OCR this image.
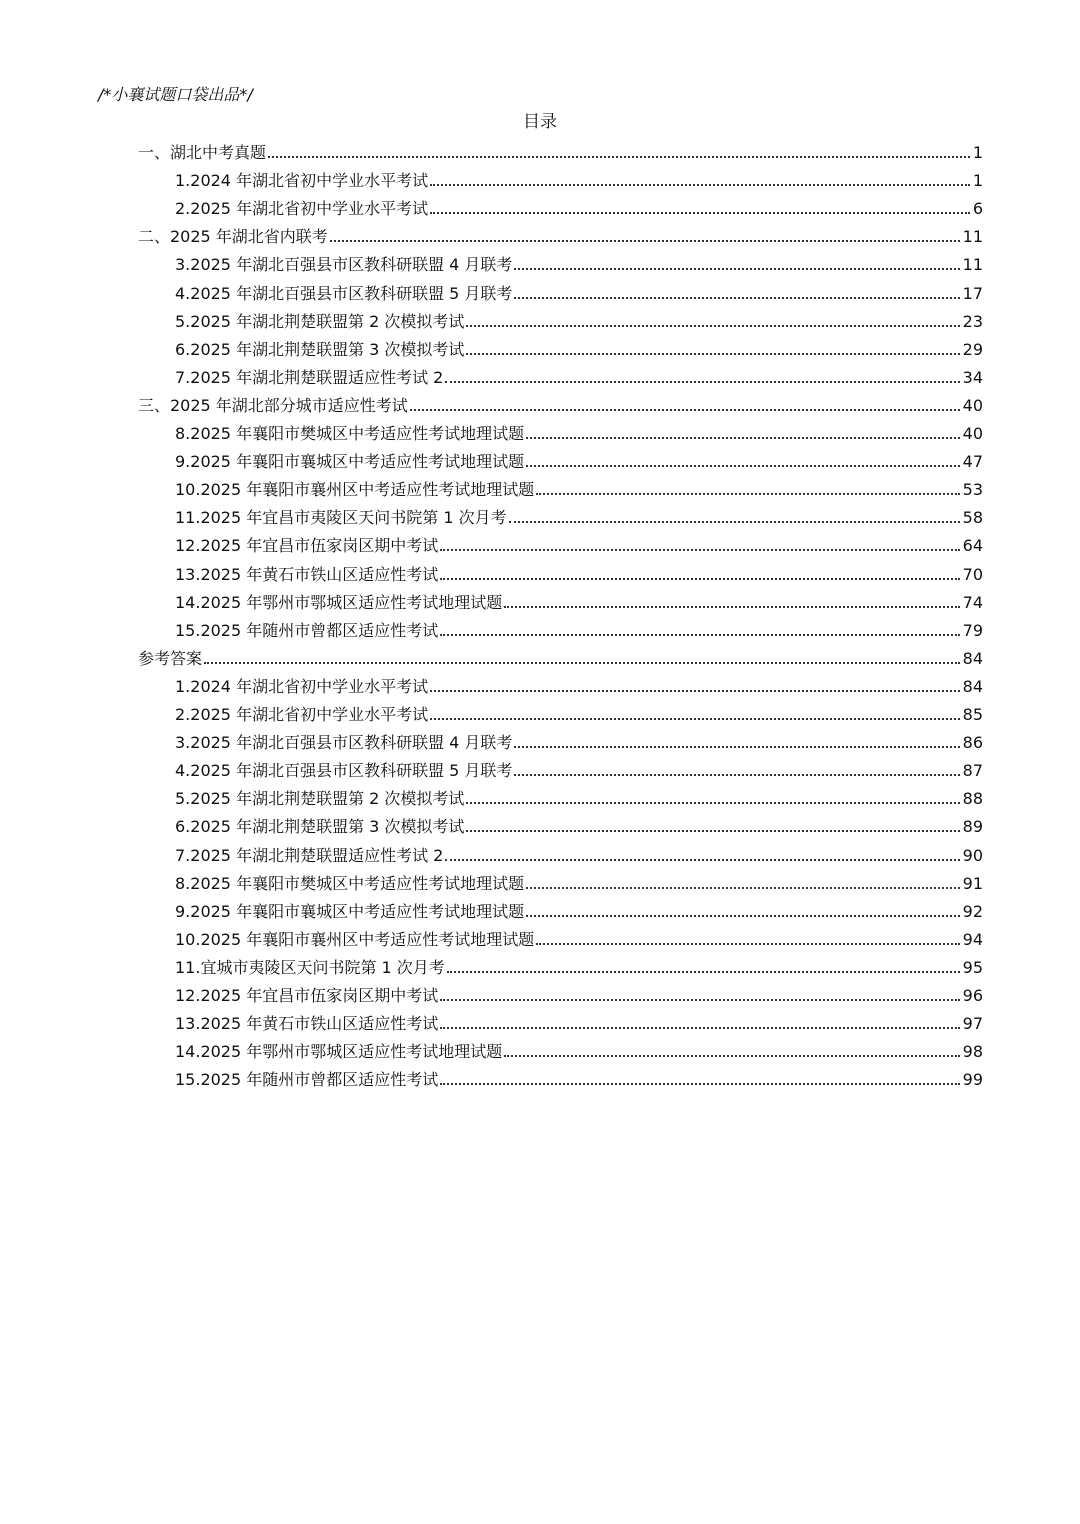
/*小襄试题口袋出品*/
目录
一、湖北中考真题	1
1.2024 年湖北省初中学业水平考试	1
2.2025 年湖北省初中学业水平考试	6
二、2025 年湖北省内联考	11
3.2025 年湖北百强县市区教科研联盟 4 月联考	11
4.2025 年湖北百强县市区教科研联盟 5 月联考	17
5.2025 年湖北荆楚联盟第 2 次模拟考试	23
6.2025 年湖北荆楚联盟第 3 次模拟考试	29
7.2025 年湖北荆楚联盟适应性考试 2	34
三、2025 年湖北部分城市适应性考试	40
8.2025 年襄阳市樊城区中考适应性考试地理试题	40
9.2025 年襄阳市襄城区中考适应性考试地理试题	47
10.2025 年襄阳市襄州区中考适应性考试地理试题	53
11.2025 年宜昌市夷陵区天问书院第 1 次月考	58
12.2025 年宜昌市伍家岗区期中考试	64
13.2025 年黄石市铁山区适应性考试	70
14.2025 年鄂州市鄂城区适应性考试地理试题	74
15.2025 年随州市曾都区适应性考试	79
参考答案	84
1.2024 年湖北省初中学业水平考试	84
2.2025 年湖北省初中学业水平考试	85
3.2025 年湖北百强县市区教科研联盟 4 月联考	86
4.2025 年湖北百强县市区教科研联盟 5 月联考	87
5.2025 年湖北荆楚联盟第 2 次模拟考试	88
6.2025 年湖北荆楚联盟第 3 次模拟考试	89
7.2025 年湖北荆楚联盟适应性考试 2	90
8.2025 年襄阳市樊城区中考适应性考试地理试题	91
9.2025 年襄阳市襄城区中考适应性考试地理试题	92
10.2025 年襄阳市襄州区中考适应性考试地理试题	94
11.宜城市夷陵区天问书院第 1 次月考	95
12.2025 年宜昌市伍家岗区期中考试	96
13.2025 年黄石市铁山区适应性考试	97
14.2025 年鄂州市鄂城区适应性考试地理试题	98
15.2025 年随州市曾都区适应性考试	99
